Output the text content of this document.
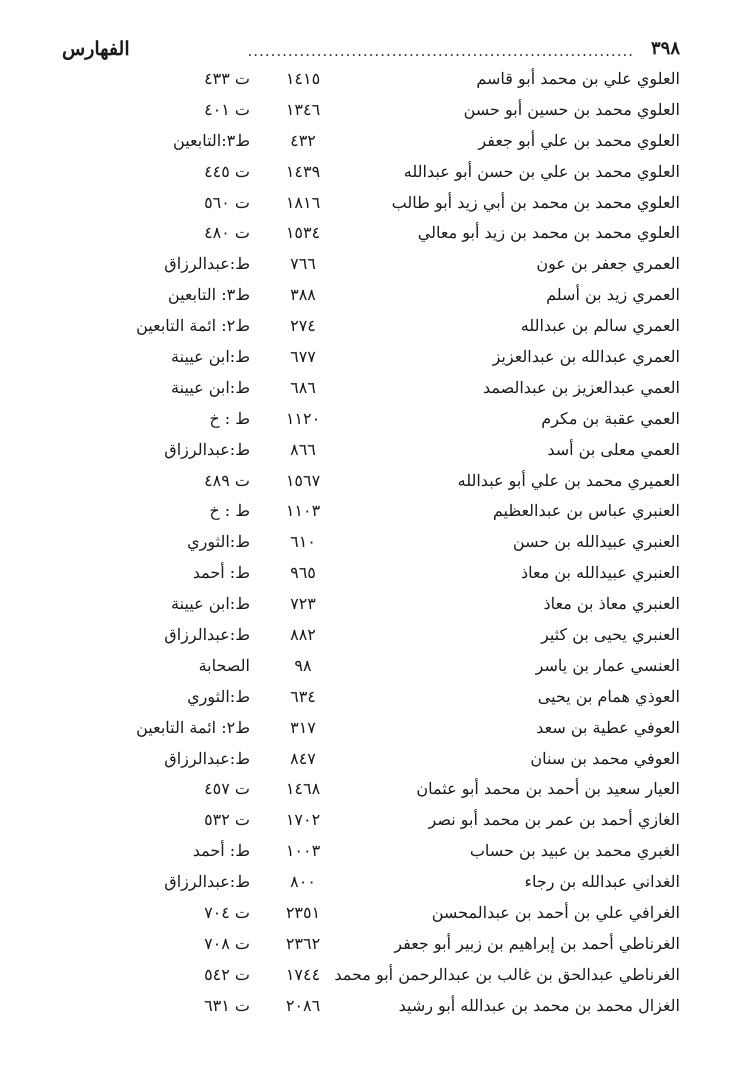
٣٩٨
...................................................................
الفهارس
العلوي علي بن محمد أبو قاسم
١٤١٥
ت ٤٣٣
العلوي محمد بن حسين أبو حسن
١٣٤٦
ت ٤٠١
العلوي محمد بن علي أبو جعفر
٤٣٢
ط٣:التابعين
العلوي محمد بن علي بن حسن أبو عبدالله
١٤٣٩
ت ٤٤٥
العلوي محمد بن محمد بن أبي زيد أبو طالب
١٨١٦
ت ٥٦٠
العلوي محمد بن محمد بن زيد أبو معالي
١٥٣٤
ت ٤٨٠
العمري جعفر بن عون
٧٦٦
ط:عبدالرزاق
العمري زيد بن أسلم
٣٨٨
ط٣: التابعين
العمري سالم بن عبدالله
٢٧٤
ط٢: ائمة التابعين
العمري عبدالله بن عبدالعزيز
٦٧٧
ط:ابن عيينة
العمي عبدالعزيز بن عبدالصمد
٦٨٦
ط:ابن عيينة
العمي عقبة بن مكرم
١١٢٠
ط : خ
العمي معلى بن أسد
٨٦٦
ط:عبدالرزاق
العميري محمد بن علي أبو عبدالله
١٥٦٧
ت ٤٨٩
العنبري عباس بن عبدالعظيم
١١٠٣
ط : خ
العنبري عبيدالله بن حسن
٦١٠
ط:الثوري
العنبري عبيدالله بن معاذ
٩٦٥
ط: أحمد
العنبري معاذ بن معاذ
٧٢٣
ط:ابن عيينة
العنبري يحيى بن كثير
٨٨٢
ط:عبدالرزاق
العنسي عمار بن ياسر
٩٨
الصحابة
العوذي همام بن يحيى
٦٣٤
ط:الثوري
العوفي عطية بن سعد
٣١٧
ط٢: ائمة التابعين
العوفي محمد بن سنان
٨٤٧
ط:عبدالرزاق
العيار سعيد بن أحمد بن محمد أبو عثمان
١٤٦٨
ت ٤٥٧
الغازي أحمد بن عمر بن محمد أبو نصر
١٧٠٢
ت ٥٣٢
الغبري محمد بن عبيد بن حساب
١٠٠٣
ط: أحمد
الغداني عبدالله بن رجاء
٨٠٠
ط:عبدالرزاق
الغرافي علي بن أحمد بن عبدالمحسن
٢٣٥١
ت ٧٠٤
الغرناطي أحمد بن إبراهيم بن زبير أبو جعفر
٢٣٦٢
ت ٧٠٨
الغرناطي عبدالحق بن غالب بن عبدالرحمن أبو محمد
١٧٤٤
ت ٥٤٢
الغزال محمد بن محمد بن عبدالله أبو رشيد
٢٠٨٦
ت ٦٣١
